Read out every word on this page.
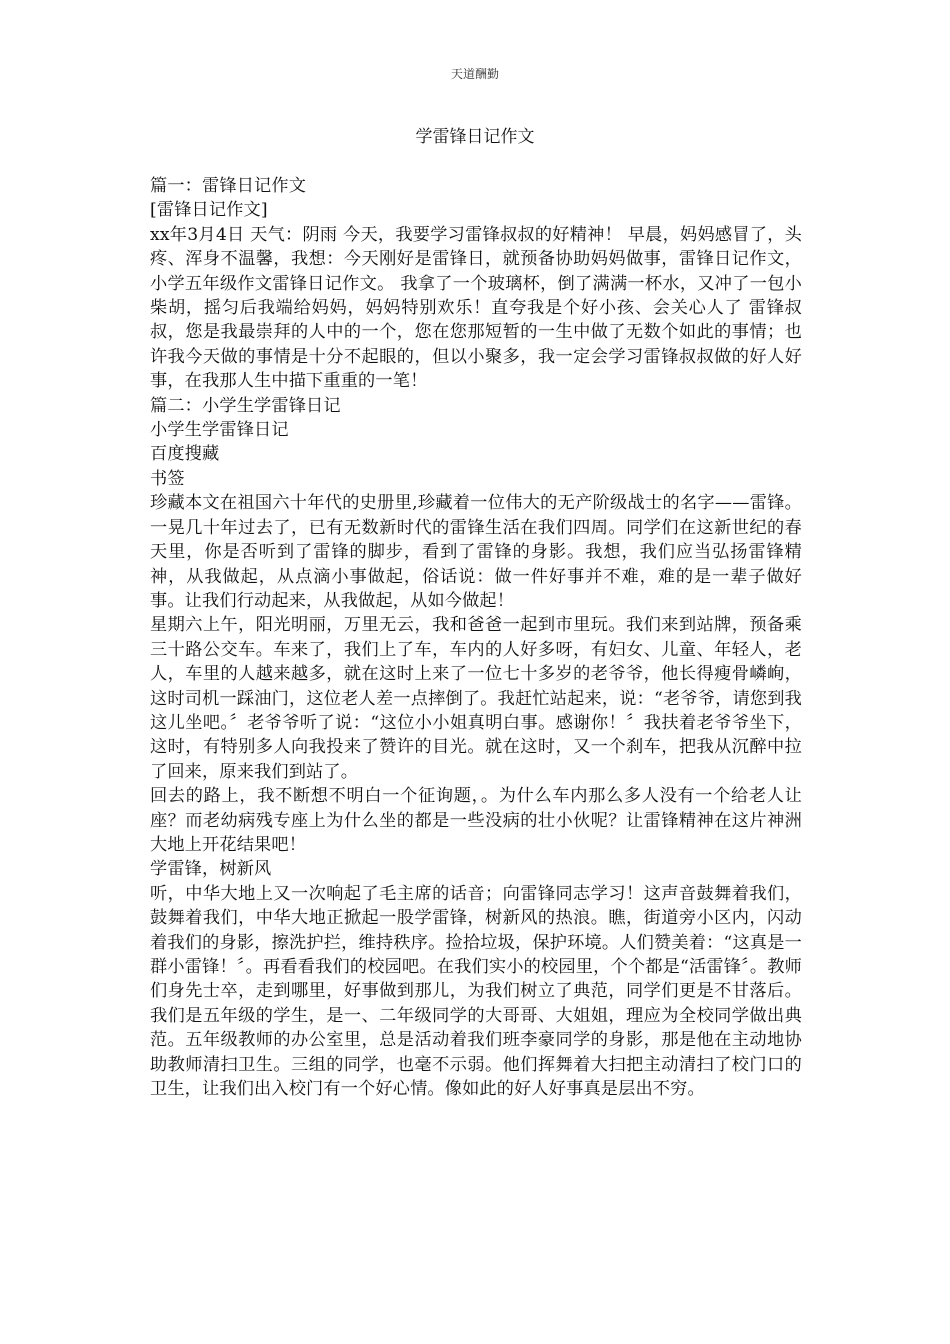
天道酬勤
学雷锋日记作文

篇一：雷锋日记作文

[雷锋日记作文]

xx年3月4日 天气：阴雨 今天，我要学习雷锋叔叔的好精神！ 早晨，妈妈感冒了，头疼、浑身不温馨，我想：今天刚好是雷锋日，就预备协助妈妈做事，雷锋日记作文，小学五年级作文雷锋日记作文。 我拿了一个玻璃杯，倒了满满一杯水，又冲了一包小柴胡，摇匀后我端给妈妈，妈妈特别欢乐！直夸我是个好小孩、会关心人了 雷锋叔叔，您是我最崇拜的人中的一个，您在您那短暂的一生中做了无数个如此的事情；也许我今天做的事情是十分不起眼的，但以小聚多，我一定会学习雷锋叔叔做的好人好事，在我那人生中描下重重的一笔！

篇二：小学生学雷锋日记

小学生学雷锋日记

百度搜藏

书签

珍藏本文在祖国六十年代的史册里,珍藏着一位伟大的无产阶级战士的名字——雷锋。一晃几十年过去了，已有无数新时代的雷锋生活在我们四周。同学们在这新世纪的春天里，你是否听到了雷锋的脚步，看到了雷锋的身影。我想，我们应当弘扬雷锋精神，从我做起，从点滴小事做起，俗话说：做一件好事并不难，难的是一辈子做好事。让我们行动起来，从我做起，从如今做起！

星期六上午，阳光明丽，万里无云，我和爸爸一起到市里玩。我们来到站牌，预备乘三十路公交车。车来了，我们上了车，车内的人好多呀，有妇女、儿童、年轻人，老人，车里的人越来越多，就在这时上来了一位七十多岁的老爷爷，他长得瘦骨嶙峋，这时司机一踩油门，这位老人差一点摔倒了。我赶忙站起来，说：“老爷爷，请您到我这儿坐吧。〞老爷爷听了说：“这位小小姐真明白事。感谢你！〞我扶着老爷爷坐下，这时，有特别多人向我投来了赞许的目光。就在这时，又一个刹车，把我从沉醉中拉了回来，原来我们到站了。

回去的路上，我不断想不明白一个征询题，。为什么车内那么多人没有一个给老人让座？而老幼病残专座上为什么坐的都是一些没病的壮小伙呢？让雷锋精神在这片神洲大地上开花结果吧！

学雷锋，树新风

听，中华大地上又一次响起了毛主席的话音；向雷锋同志学习！这声音鼓舞着我们，鼓舞着我们，中华大地正掀起一股学雷锋，树新风的热浪。瞧，街道旁小区内，闪动着我们的身影，擦洗护拦，维持秩序。捡拾垃圾，保护环境。人们赞美着：“这真是一群小雷锋！〞。再看看我们的校园吧。在我们实小的校园里，个个都是“活雷锋〞。教师们身先士卒，走到哪里，好事做到那儿，为我们树立了典范，同学们更是不甘落后。我们是五年级的学生，是一、二年级同学的大哥哥、大姐姐，理应为全校同学做出典范。五年级教师的办公室里，总是活动着我们班李豪同学的身影，那是他在主动地协助教师清扫卫生。三组的同学，也毫不示弱。他们挥舞着大扫把主动清扫了校门口的卫生，让我们出入校门有一个好心情。像如此的好人好事真是层出不穷。
